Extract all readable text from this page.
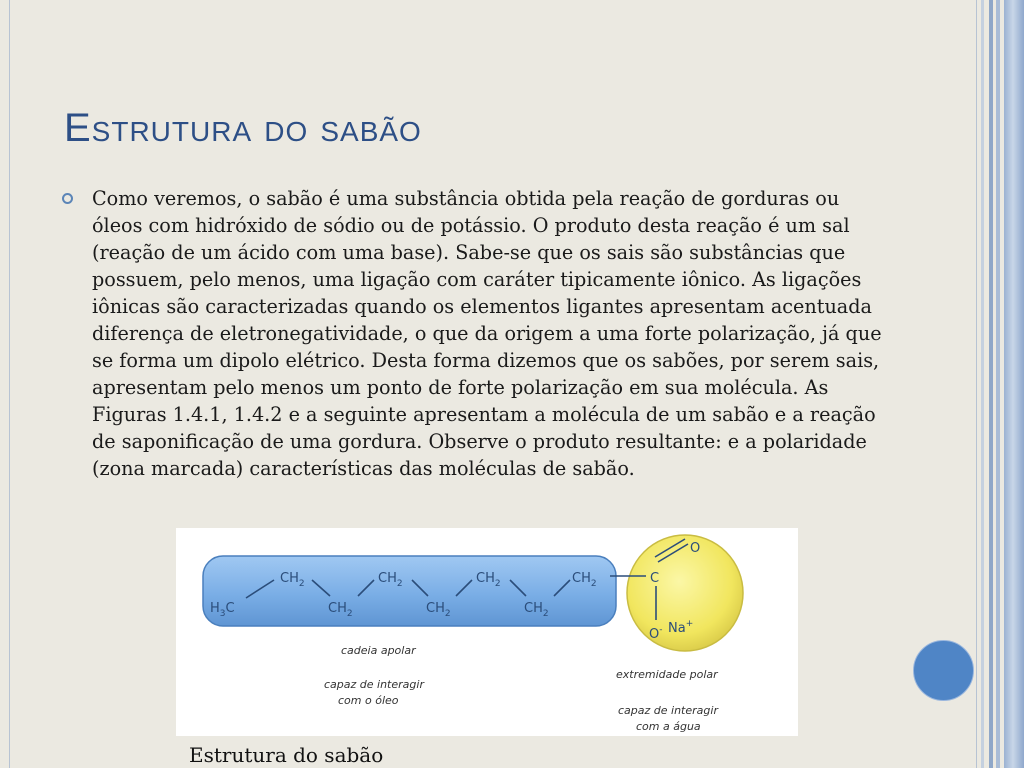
Estrutura do sabão

Como veremos, o sabão é uma substância obtida pela reação de gorduras ou óleos com hidróxido de sódio ou de potássio. O produto desta reação é um sal (reação de um ácido com uma base). Sabe-se que os sais são substâncias que possuem, pelo menos, uma ligação com caráter tipicamente iônico. As ligações iônicas são caracterizadas quando os elementos ligantes apresentam acentuada diferença de eletronegatividade, o que da origem a uma forte polarização, já que se forma um dipolo elétrico. Desta forma dizemos que os sabões, por serem sais, apresentam pelo menos um ponto de forte polarização em sua molécula. As Figuras 1.4.1, 1.4.2 e a seguinte apresentam a molécula de um sabão e a reação de saponificação de uma gordura. Observe o produto resultante: e a polaridade (zona marcada) características das moléculas de sabão.

$H_3C$
$CH_2$
$CH_2$
$CH_2$
$CH_2$
$CH_2$
$CH_2$
$CH_2$	C
O
O- Na+
cadeia apolar
capaz de interagir
com o óleo
extremidade polar
capaz de interagir
com a água

Estrutura do sabão
